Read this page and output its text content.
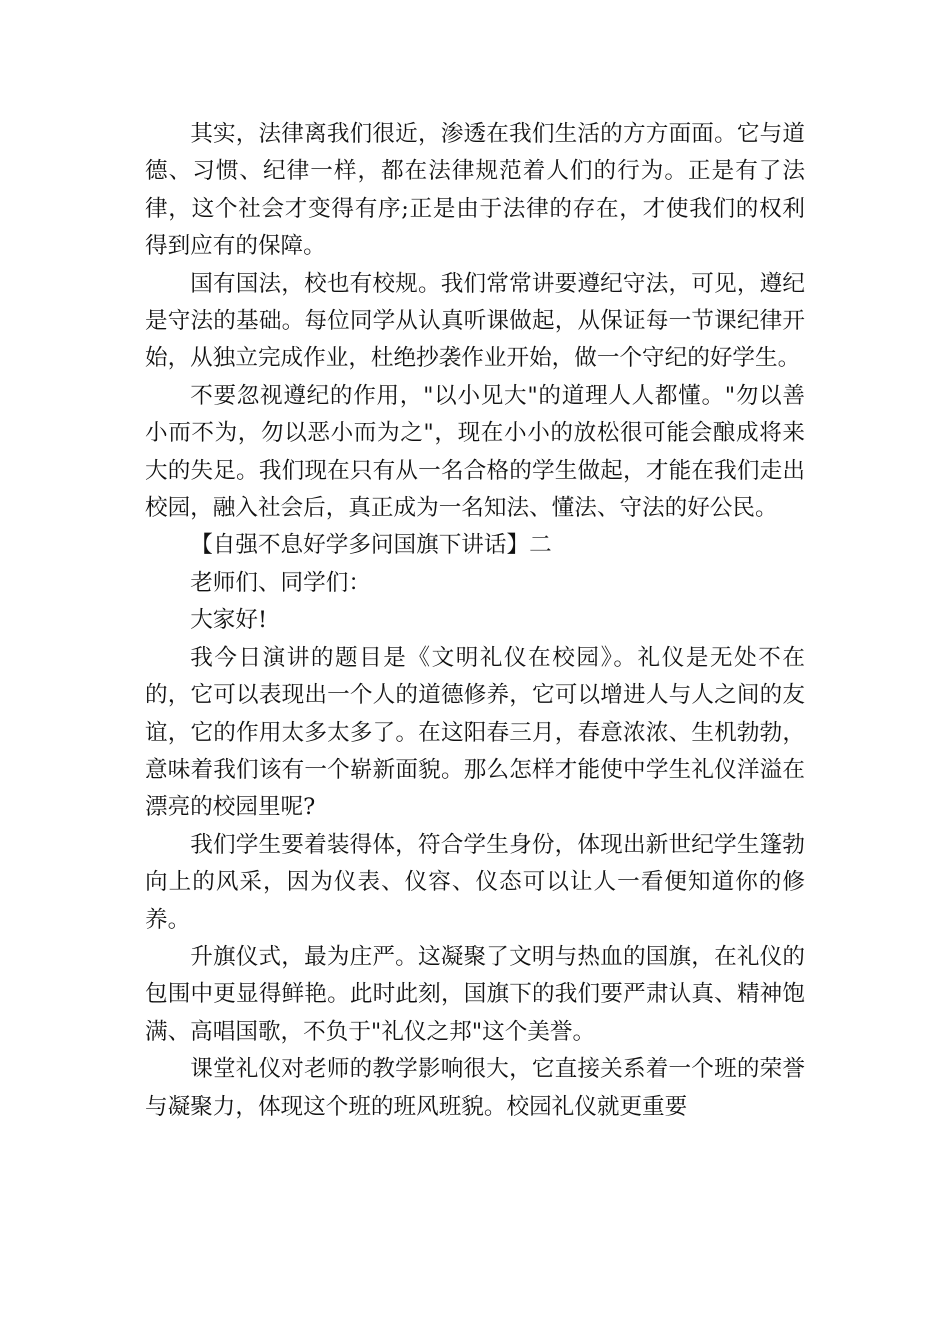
其实，法律离我们很近，渗透在我们生活的方方面面。它与道德、习惯、纪律一样，都在法律规范着人们的行为。正是有了法律，这个社会才变得有序;正是由于法律的存在，才使我们的权利得到应有的保障。

国有国法，校也有校规。我们常常讲要遵纪守法，可见，遵纪是守法的基础。每位同学从认真听课做起，从保证每一节课纪律开始，从独立完成作业，杜绝抄袭作业开始，做一个守纪的好学生。

不要忽视遵纪的作用，"以小见大"的道理人人都懂。"勿以善小而不为，勿以恶小而为之"，现在小小的放松很可能会酿成将来大的失足。我们现在只有从一名合格的学生做起，才能在我们走出校园，融入社会后，真正成为一名知法、懂法、守法的好公民。

【自强不息好学多问国旗下讲话】二

老师们、同学们：

大家好!

我今日演讲的题目是《文明礼仪在校园》。礼仪是无处不在的，它可以表现出一个人的道德修养，它可以增进人与人之间的友谊，它的作用太多太多了。在这阳春三月，春意浓浓、生机勃勃，意味着我们该有一个崭新面貌。那么怎样才能使中学生礼仪洋溢在漂亮的校园里呢?

我们学生要着装得体，符合学生身份，体现出新世纪学生篷勃向上的风采，因为仪表、仪容、仪态可以让人一看便知道你的修养。

升旗仪式，最为庄严。这凝聚了文明与热血的国旗，在礼仪的包围中更显得鲜艳。此时此刻，国旗下的我们要严肃认真、精神饱满、高唱国歌，不负于"礼仪之邦"这个美誉。

课堂礼仪对老师的教学影响很大，它直接关系着一个班的荣誉与凝聚力，体现这个班的班风班貌。校园礼仪就更重要
